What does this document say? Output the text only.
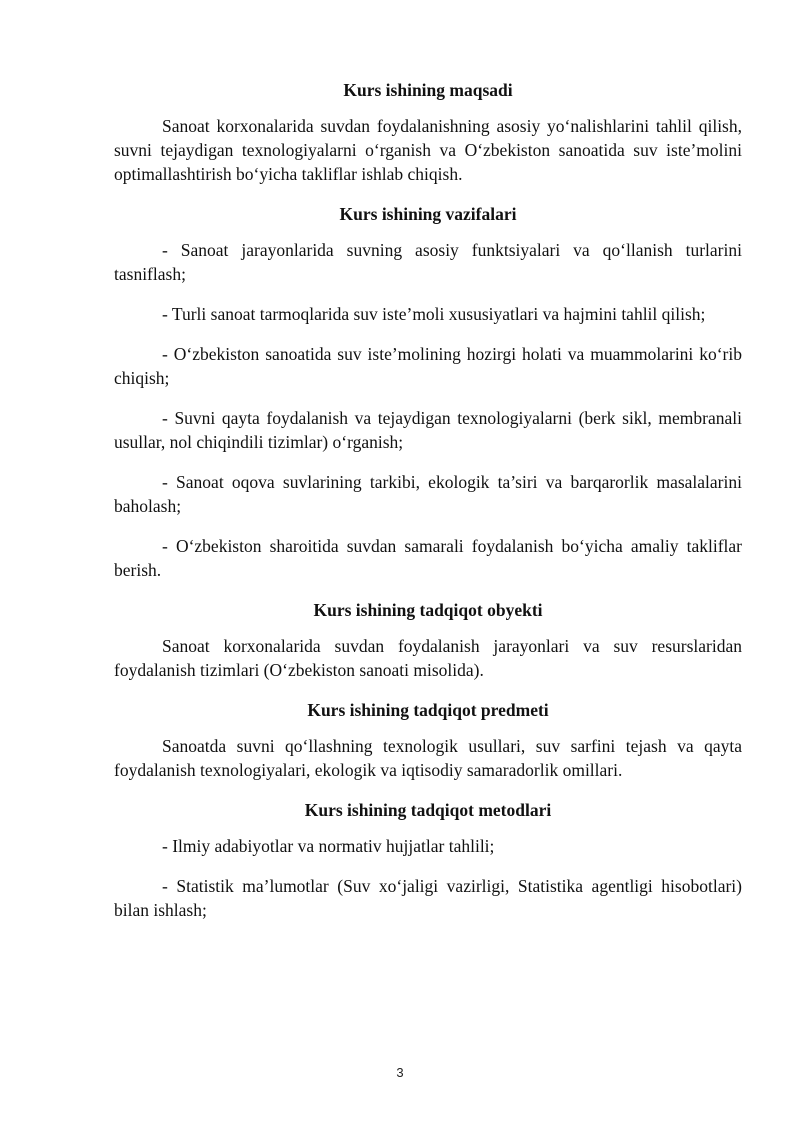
Kurs ishining maqsadi

Sanoat korxonalarida suvdan foydalanishning asosiy yo‘nalishlarini tahlil qilish, suvni tejaydigan texnologiyalarni o‘rganish va O‘zbekiston sanoatida suv iste’molini optimallashtirish bo‘yicha takliflar ishlab chiqish.

Kurs ishining vazifalari

- Sanoat jarayonlarida suvning asosiy funktsiyalari va qo‘llanish turlarini tasniflash;

- Turli sanoat tarmoqlarida suv iste’moli xususiyatlari va hajmini tahlil qilish;

- O‘zbekiston sanoatida suv iste’molining hozirgi holati va muammolarini ko‘rib chiqish;

- Suvni qayta foydalanish va tejaydigan texnologiyalarni (berk sikl, membranali usullar, nol chiqindili tizimlar) o‘rganish;

- Sanoat oqova suvlarining tarkibi, ekologik ta’siri va barqarorlik masalalarini baholash;

- O‘zbekiston sharoitida suvdan samarali foydalanish bo‘yicha amaliy takliflar berish.

Kurs ishining tadqiqot obyekti

Sanoat korxonalarida suvdan foydalanish jarayonlari va suv resurslaridan foydalanish tizimlari (O‘zbekiston sanoati misolida).

Kurs ishining tadqiqot predmeti

Sanoatda suvni qo‘llashning texnologik usullari, suv sarfini tejash va qayta foydalanish texnologiyalari, ekologik va iqtisodiy samaradorlik omillari.

Kurs ishining tadqiqot metodlari

- Ilmiy adabiyotlar va normativ hujjatlar tahlili;

- Statistik ma’lumotlar (Suv xo‘jaligi vazirligi, Statistika agentligi hisobotlari) bilan ishlash;

3
